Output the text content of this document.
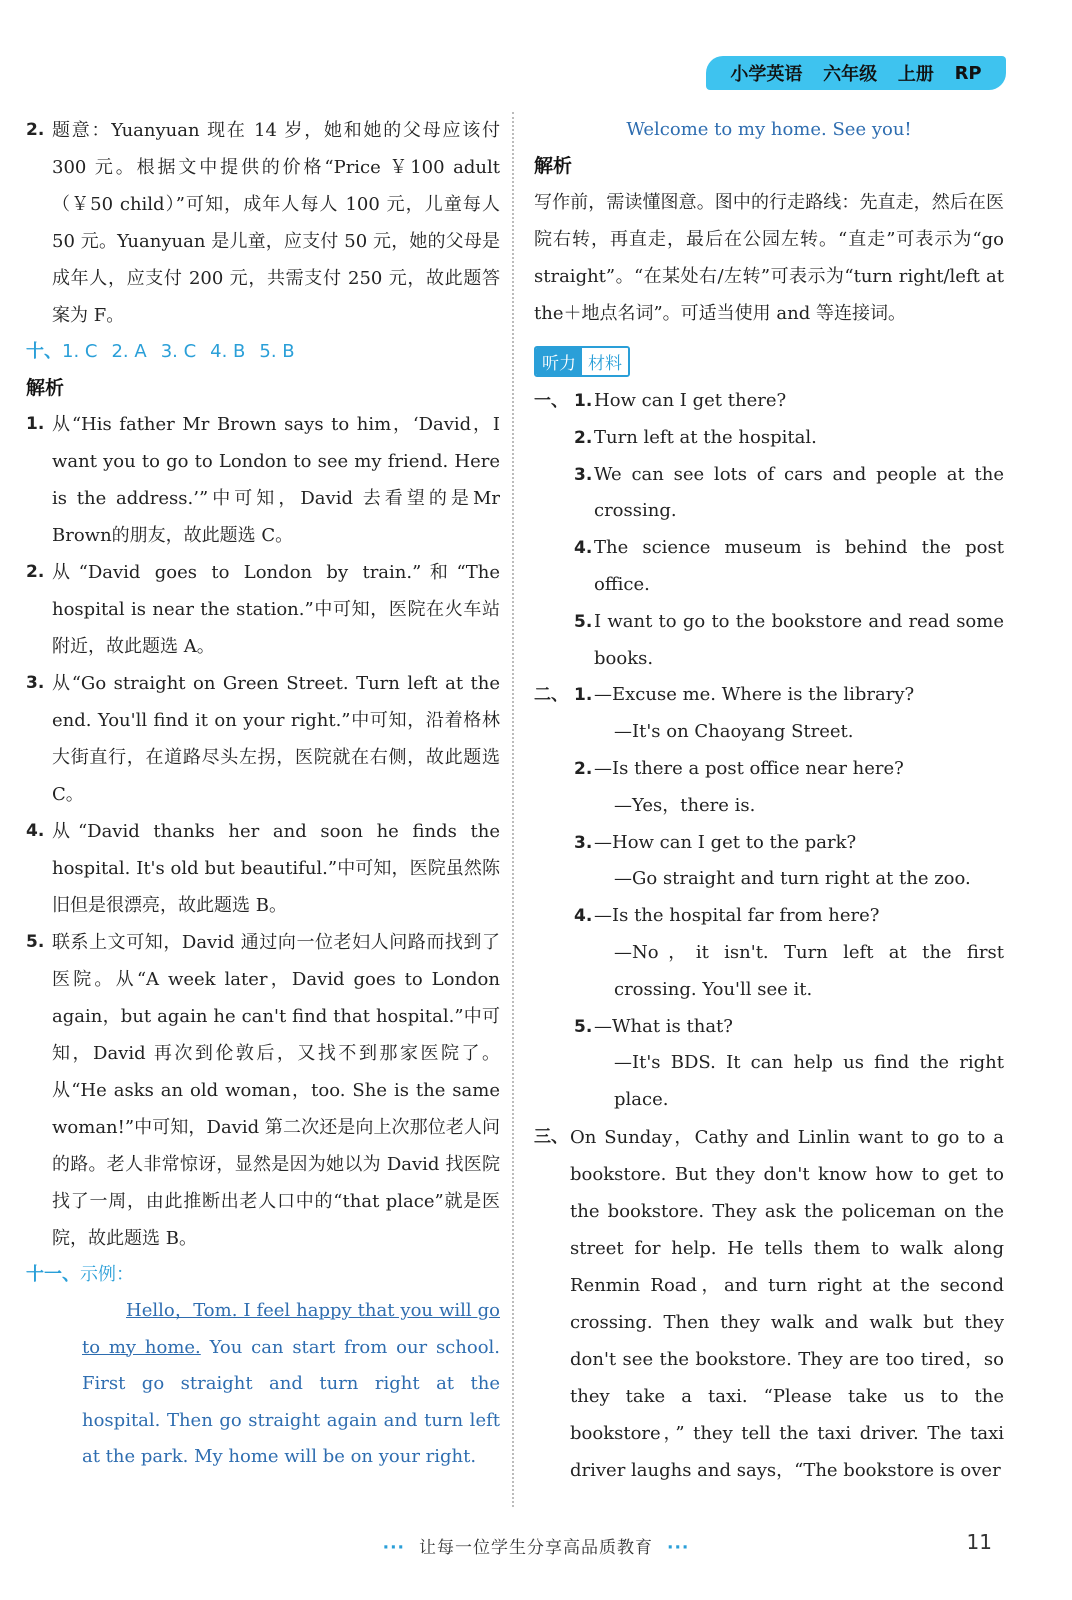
小学英语 六年级 上册 RP
2. 题意：Yuanyuan 现在 14 岁，她和她的父母应该付300 元。根据文中提供的价格“Price ￥100 adult（￥50 child）”可知，成年人每人 100 元，儿童每人50 元。Yuanyuan 是儿童，应支付 50 元，她的父母是成年人，应支付 200 元，共需支付 250 元，故此题答案为 F。
十、1. C 2. A 3. C 4. B 5. B
解析
1. 从“His father Mr Brown says to him，‘David，I want you to go to London to see my friend. Here is the address.’”中可知，David 去看望的是Mr Brown的朋友，故此题选 C。
2. 从“David goes to London by train.”和“The hospital is near the station.”中可知，医院在火车站附近，故此题选 A。
3. 从“Go straight on Green Street. Turn left at the end. You'll find it on your right.”中可知，沿着格林大街直行，在道路尽头左拐，医院就在右侧，故此题选 C。
4. 从“David thanks her and soon he finds the hospital. It's old but beautiful.”中可知，医院虽然陈旧但是很漂亮，故此题选 B。
5. 联系上文可知，David 通过向一位老妇人问路而找到了医院。从“A week later，David goes to London again，but again he can't find that hospital.”中可知，David 再次到伦敦后，又找不到那家医院了。从“He asks an old woman，too. She is the same woman!”中可知，David 第二次还是向上次那位老人问的路。老人非常惊讶，显然是因为她以为 David 找医院找了一周，由此推断出老人口中的“that place”就是医院，故此题选 B。
十一、示例：
Hello，Tom. I feel happy that you will go to my home. You can start from our school. First go straight and turn right at the hospital. Then go straight again and turn left at the park. My home will be on your right.
Welcome to my home. See you!
解析
写作前，需读懂图意。图中的行走路线：先直走，然后在医院右转，再直走，最后在公园左转。“直走”可表示为“go straight”。“在某处右/左转”可表示为“turn right/left at the＋地点名词”。可适当使用 and 等连接词。
听力 材料
一、 1. How can I get there?
2. Turn left at the hospital.
3. We can see lots of cars and people at the crossing.
4. The science museum is behind the post office.
5. I want to go to the bookstore and read some books.
二、 1. —Excuse me. Where is the library?
—It's on Chaoyang Street.
2. —Is there a post office near here?
—Yes，there is.
3. —How can I get to the park?
—Go straight and turn right at the zoo.
4. —Is the hospital far from here?
—No，it isn't. Turn left at the first crossing. You'll see it.
5. —What is that?
—It's BDS. It can help us find the right place.
三、 On Sunday，Cathy and Linlin want to go to a bookstore. But they don't know how to get to the bookstore. They ask the policeman on the street for help. He tells them to walk along Renmin Road，and turn right at the second crossing. Then they walk and walk but they don't see the bookstore. They are too tired，so they take a taxi. “Please take us to the bookstore，” they tell the taxi driver. The taxi driver laughs and says，“The bookstore is over
··· 让每一位学生分享高品质教育 ···	11
